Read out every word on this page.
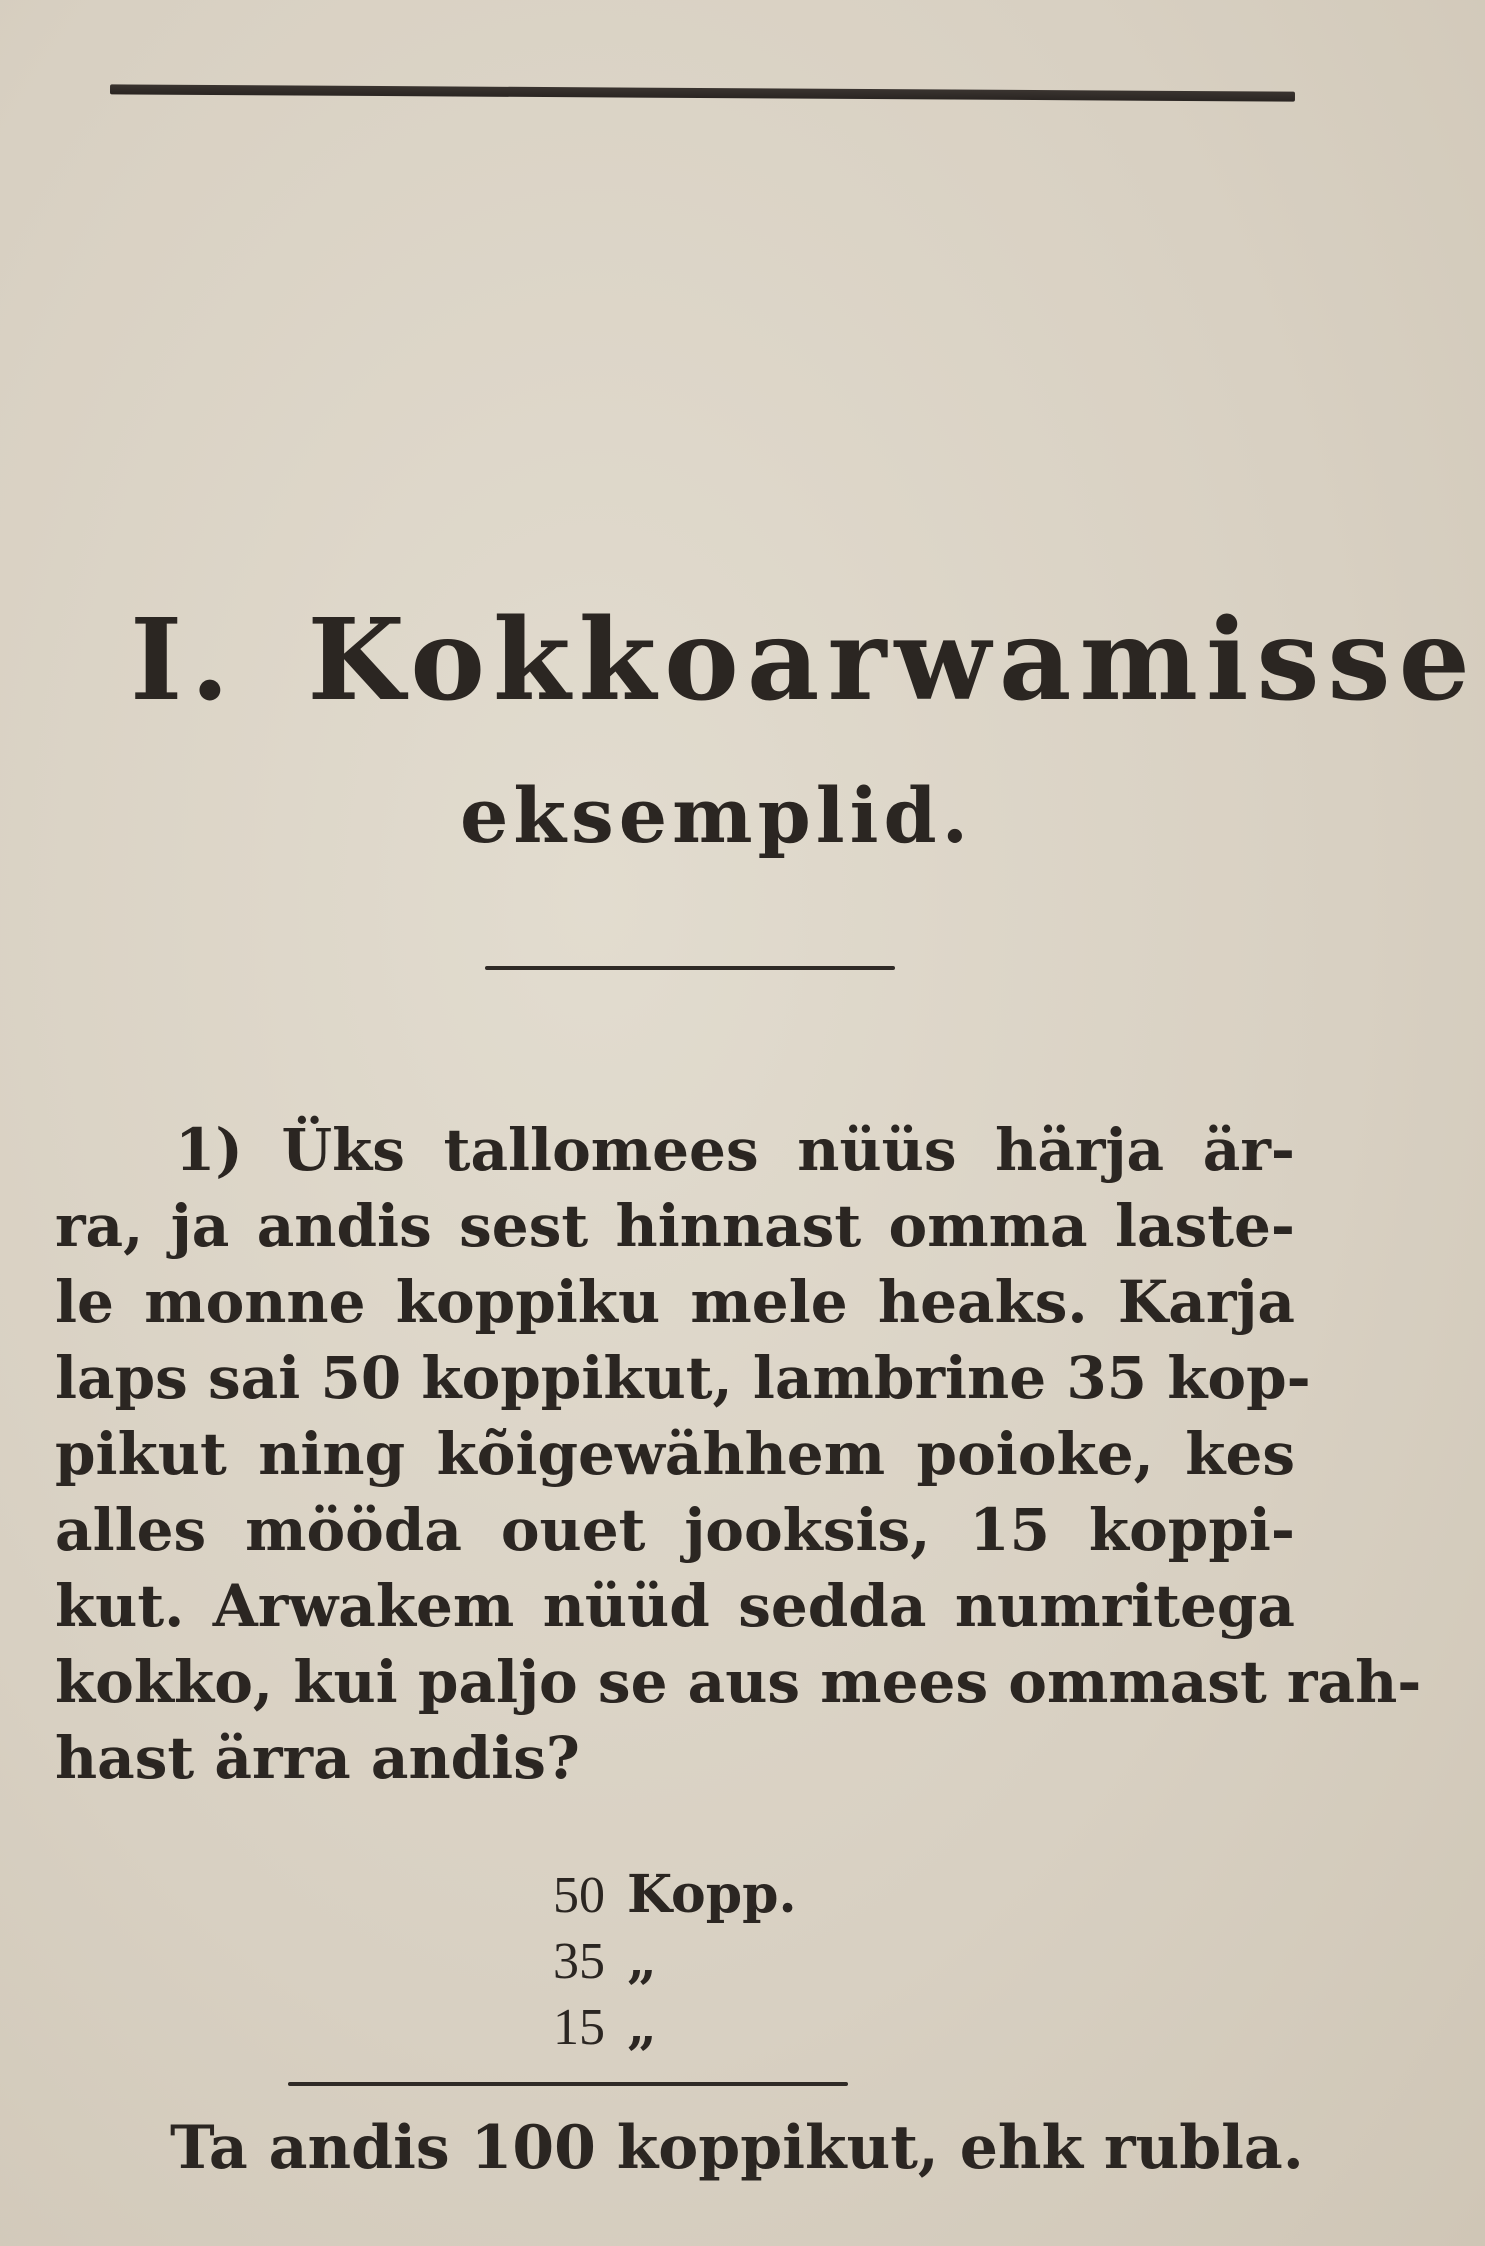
I. Kokkoarwamisse
eksemplid.
1) Üks tallomees nüüs härja är-
ra, ja andis sest hinnast omma laste-
le monne koppiku mele heaks. Karja
laps sai 50 koppikut, lambrine 35 kop-
pikut ning kõigewähhem poioke, kes
alles mööda ouet jooksis, 15 koppi-
kut. Arwakem nüüd sedda numritega
kokko, kui paljo se aus mees ommast rah-
hast ärra andis?
50 Kopp.
35 „
15 „
Ta andis 100 koppikut, ehk rubla.
